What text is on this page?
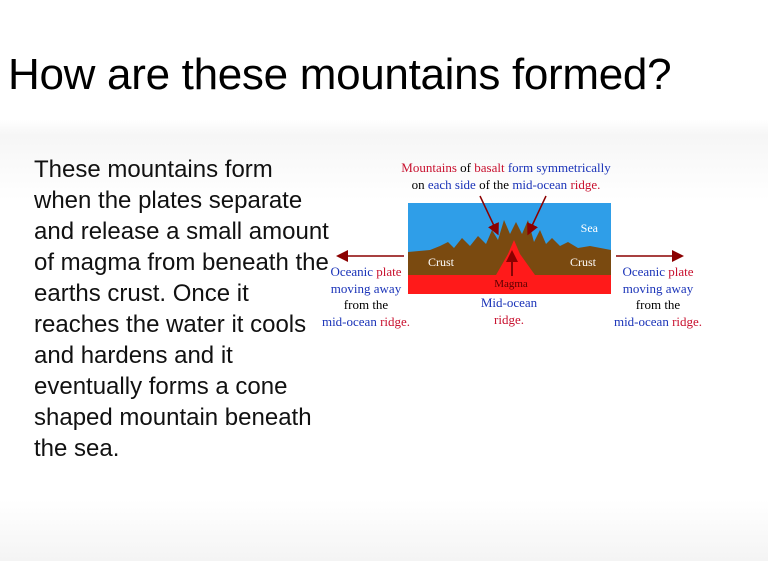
How are these mountains formed?
These mountains form when the plates separate and release a small amount of magma from beneath the earths crust. Once it reaches the water it cools and hardens and it eventually forms a cone shaped mountain beneath the sea.
Mountains of basalt form symmetrically
on each side of the mid-ocean ridge.
Sea
Crust	Crust
Magma
Mid-ocean
ridge.
Oceanic plate
moving away
from the
mid-ocean ridge.
Oceanic plate
moving away
from the
mid-ocean ridge.
